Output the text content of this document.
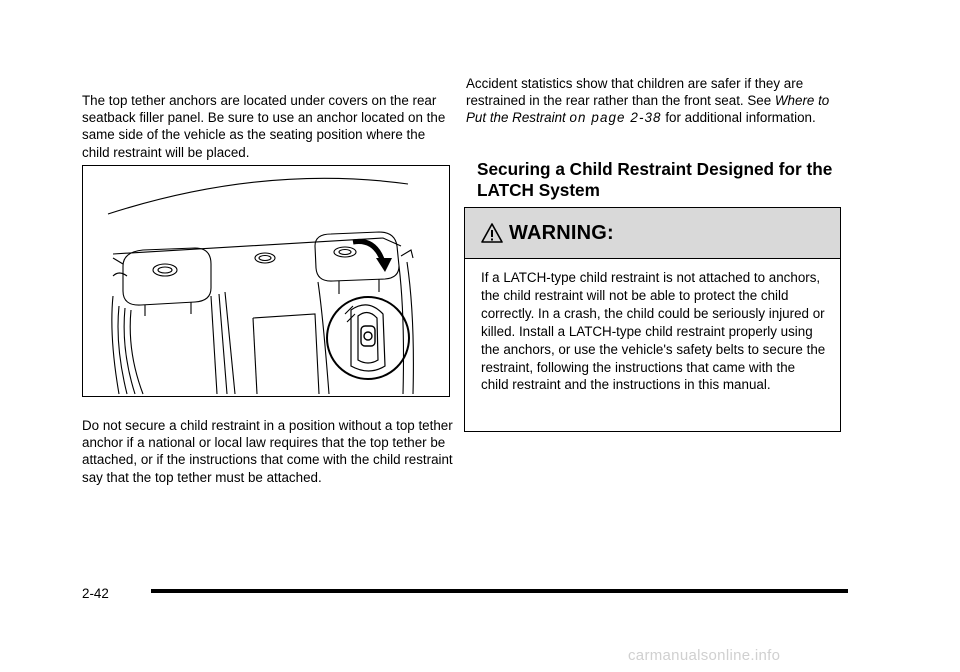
The top tether anchors are located under covers on the rear seatback filler panel. Be sure to use an anchor located on the same side of the vehicle as the seating position where the child restraint will be placed.

Do not secure a child restraint in a position without a top tether anchor if a national or local law requires that the top tether be attached, or if the instructions that come with the child restraint say that the top tether must be attached.

Accident statistics show that children are safer if they are restrained in the rear rather than the front seat. See Where to Put the Restraint on page 2-38 for additional information.

Securing a Child Restraint Designed for the LATCH System
WARNING:

If a LATCH-type child restraint is not attached to anchors, the child restraint will not be able to protect the child correctly. In a crash, the child could be seriously injured or killed. Install a LATCH-type child restraint properly using the anchors, or use the vehicle's safety belts to secure the restraint, following the instructions that came with the child restraint and the instructions in this manual.

2-42
carmanualsonline.info
